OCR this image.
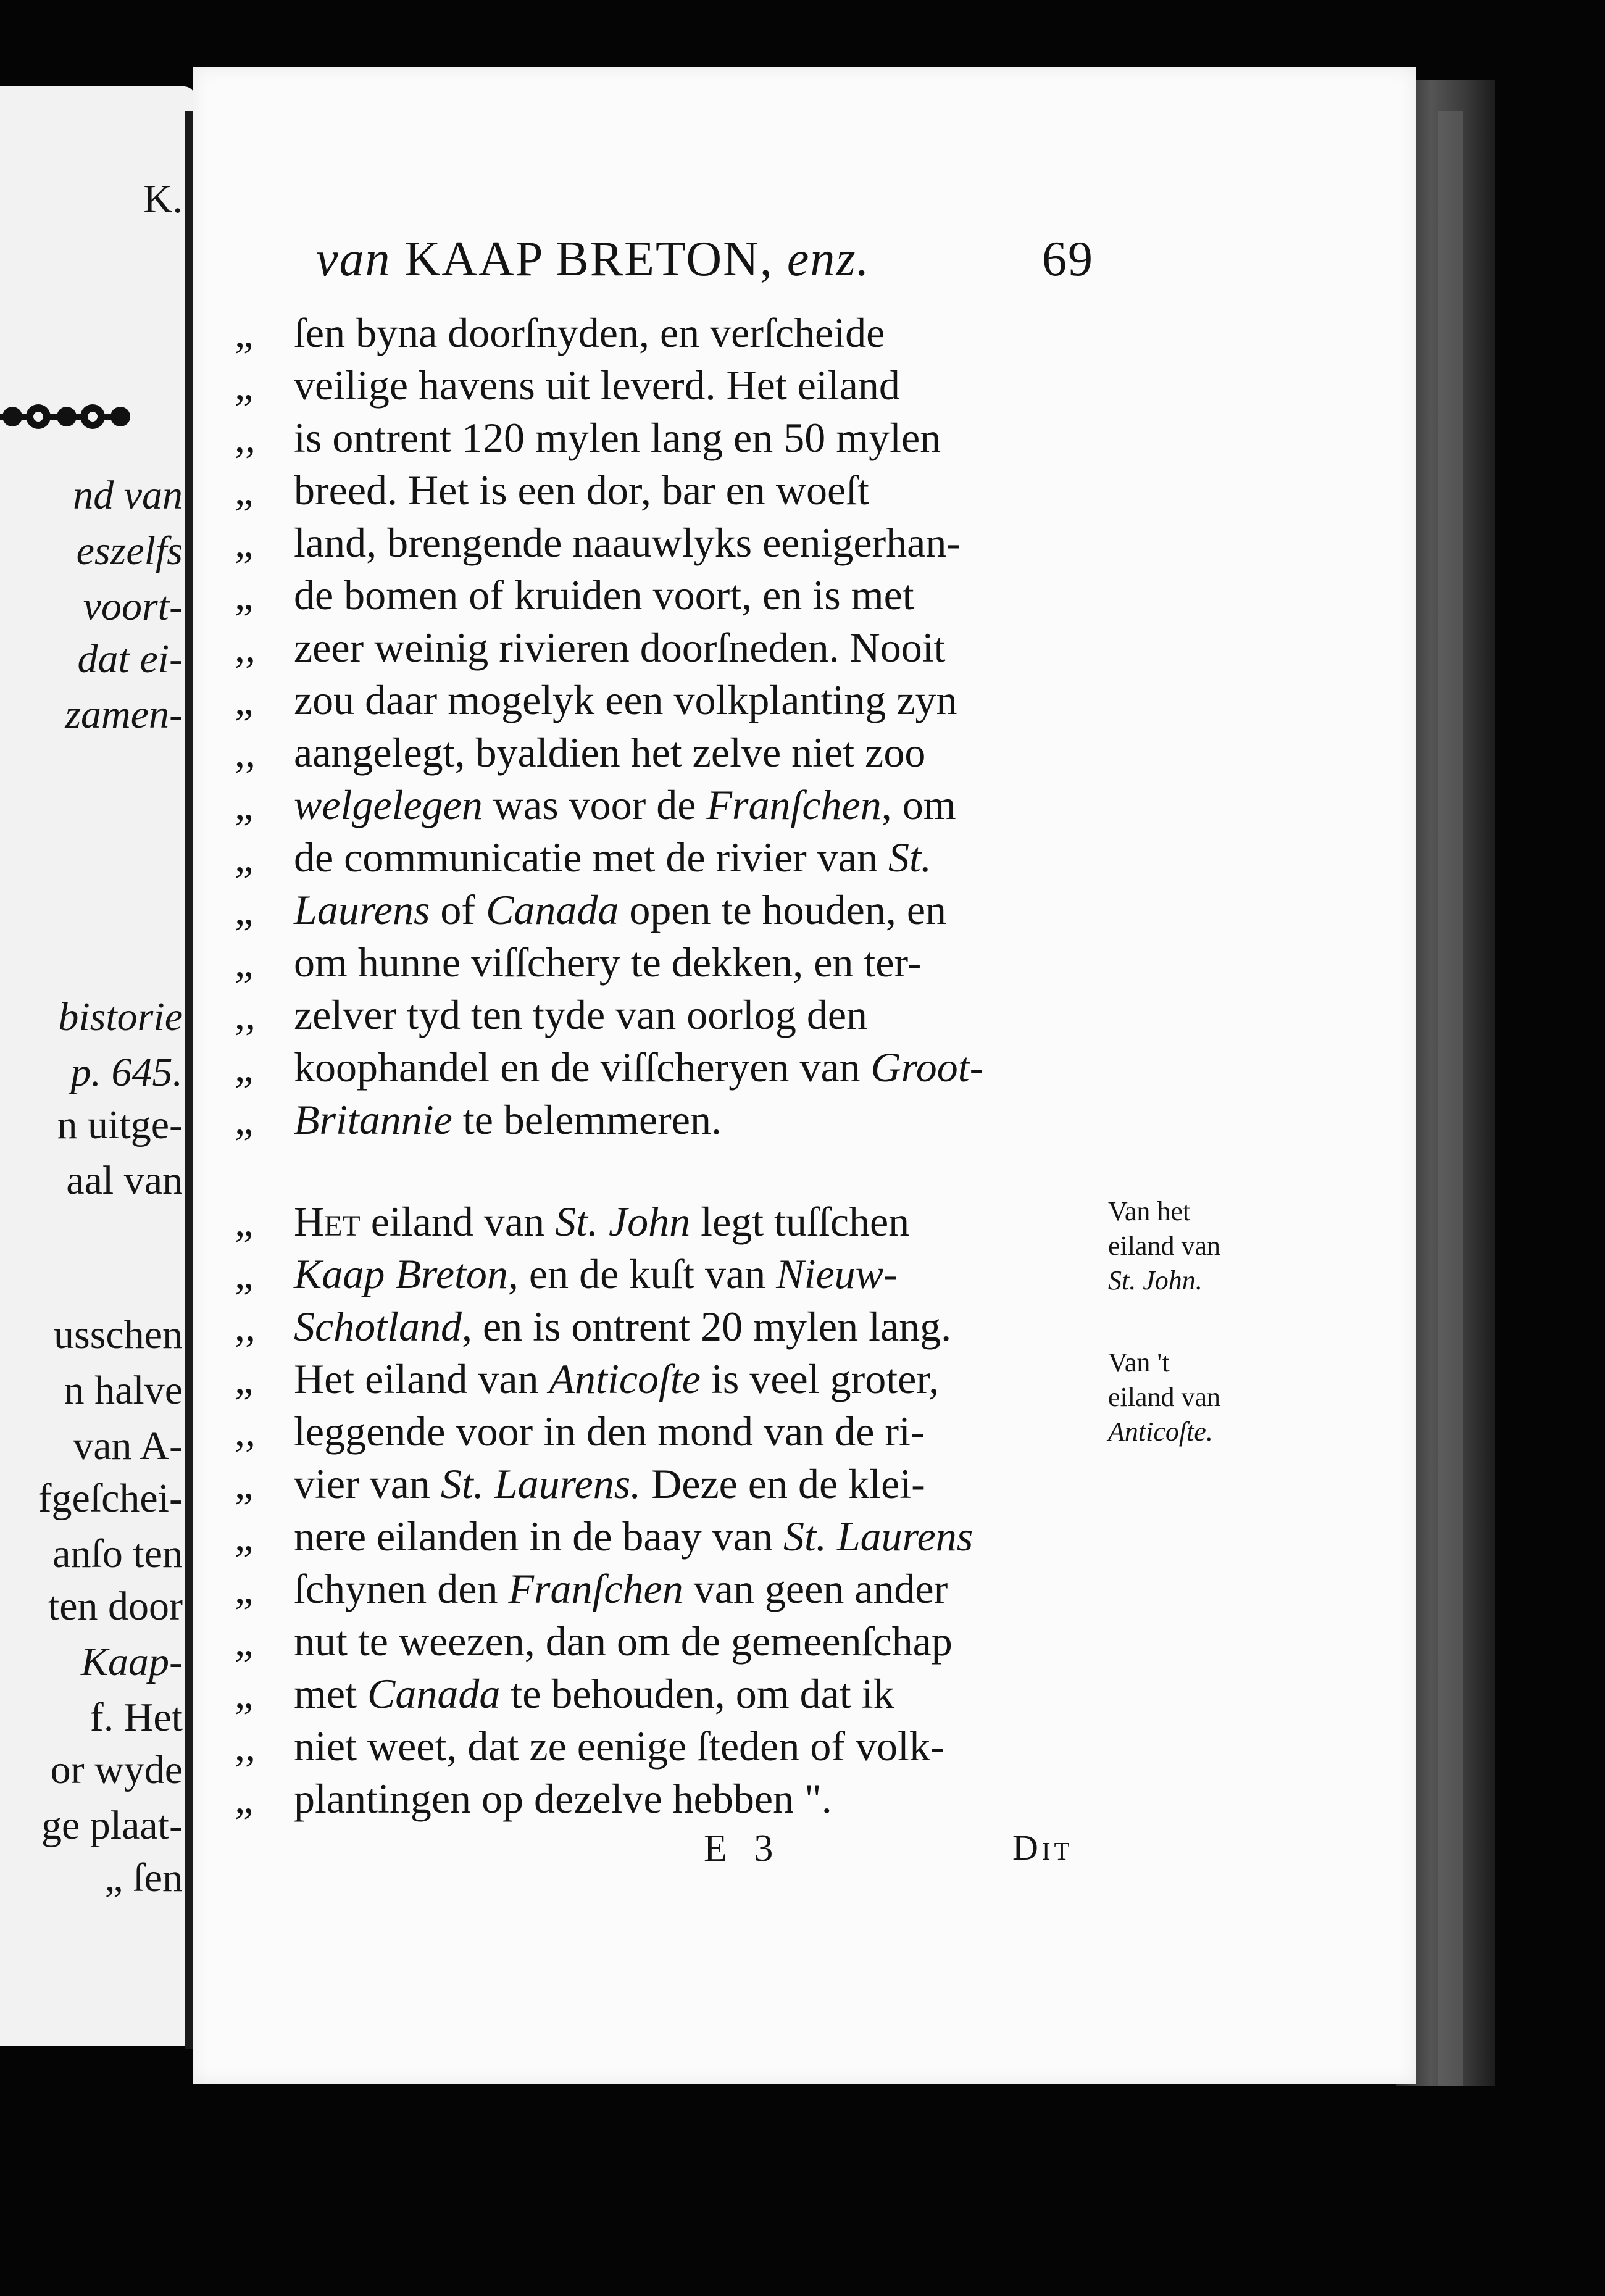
K.
nd van
eszelfs
voort-
dat ei-
zamen-
bistorie
p. 645.
n uitge-
aal van
ussсhen
n halve
van A-
fgeſchei-
anſo ten
ten door
Kaap-
f. Het
or wyde
ge plaat-
„ ſen
van KAAP BRETON, enz.	69
„ ſen byna doorſnyden, en verſcheide
„ veilige havens uit leverd. Het eiland
,, is ontrent 120 mylen lang en 50 mylen
„ breed. Het is een dor, bar en woeſt
„ land, brengende naauwlyks eenigerhan-
„ de bomen of kruiden voort, en is met
,, zeer weinig rivieren doorſneden. Nooit
„ zou daar mogelyk een volkplanting zyn
,, aangelegt, byaldien het zelve niet zoo
„ welgelegen was voor de Franſchen, om
„ de communicatie met de rivier van St.
„ Laurens of Canada open te houden, en
„ om hunne viſſchery te dekken, en ter-
,, zelver tyd ten tyde van oorlog den
„ koophandel en de viſſcheryen van Groot-
„ Britannie te belemmeren.
„ Het eiland van St. John legt tuſſchen
„ Kaap Breton, en de kuſt van Nieuw-
,, Schotland, en is ontrent 20 mylen lang.
„ Het eiland van Anticoſte is veel groter,
,, leggende voor in den mond van de ri-
„ vier van St. Laurens. Deze en de klei-
„ nere eilanden in de baay van St. Laurens
„ ſchynen den Franſchen van geen ander
„ nut te weezen, dan om de gemeenſchap
„ met Canada te behouden, om dat ik
,, niet weet, dat ze eenige ſteden of volk-
„ plantingen op dezelve hebben ".
Van het
eiland van
St. John.
Van 't
eiland van
Anticoſte.
E 3	Dit
